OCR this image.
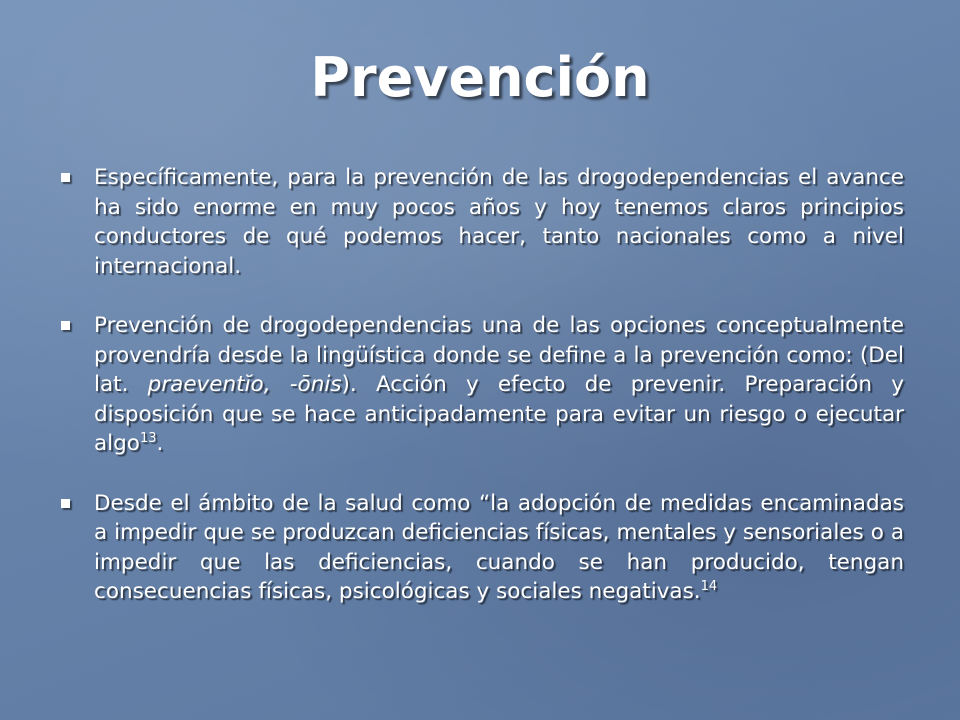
Prevención
Específicamente, para la prevención de las drogodependencias el avance ha sido enorme en muy pocos años y hoy tenemos claros principios conductores de qué podemos hacer, tanto nacionales como a nivel internacional.
Prevención de drogodependencias una de las opciones conceptualmente provendría desde la lingüística donde se define a la prevención como: (Del lat. praeventĭo, -ōnis). Acción y efecto de prevenir. Preparación y disposición que se hace anticipadamente para evitar un riesgo o ejecutar algo$^{13}$.
Desde el ámbito de la salud como “la adopción de medidas encaminadas a impedir que se produzcan deficiencias físicas, mentales y sensoriales o a impedir que las deficiencias, cuando se han producido, tengan consecuencias físicas, psicológicas y sociales negativas.$^{14}$
